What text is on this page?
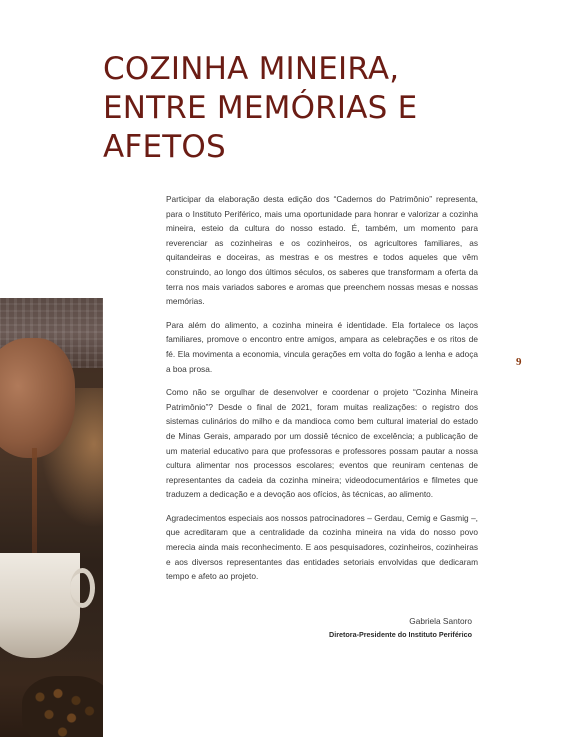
COZINHA MINEIRA,
ENTRE MEMÓRIAS E
AFETOS

Participar da elaboração desta edição dos “Cadernos do Patrimônio” representa, para o Instituto Periférico, mais uma oportunidade para honrar e valorizar a cozinha mineira, esteio da cultura do nosso estado. É, também, um momento para reverenciar as cozinheiras e os cozinheiros, os agricultores familiares, as quitandeiras e doceiras, as mestras e os mestres e todos aqueles que vêm construindo, ao longo dos últimos séculos, os saberes que transformam a oferta da terra nos mais variados sabores e aromas que preenchem nossas mesas e nossas memórias.

Para além do alimento, a cozinha mineira é identidade. Ela fortalece os laços familiares, promove o encontro entre amigos, ampara as celebrações e os ritos de fé. Ela movimenta a economia, vincula gerações em volta do fogão a lenha e adoça a boa prosa.

Como não se orgulhar de desenvolver e coordenar o projeto “Cozinha Mineira Patrimônio”? Desde o final de 2021, foram muitas realizações: o registro dos sistemas culinários do milho e da mandioca como bem cultural imaterial do estado de Minas Gerais, amparado por um dossiê técnico de excelência; a publicação de um material educativo para que professoras e professores possam pautar a nossa cultura alimentar nos processos escolares; eventos que reuniram centenas de representantes da cadeia da cozinha mineira; videodocumentários e filmetes que traduzem a dedicação e a devoção aos ofícios, às técnicas, ao alimento.

Agradecimentos especiais aos nossos patrocinadores – Gerdau, Cemig e Gasmig –, que acreditaram que a centralidade da cozinha mineira na vida do nosso povo merecia ainda mais reconhecimento. E aos pesquisadores, cozinheiros, cozinheiras e aos diversos representantes das entidades setoriais envolvidas que dedicaram tempo e afeto ao projeto.

Gabriela Santoro
Diretora-Presidente do Instituto Periférico
9
